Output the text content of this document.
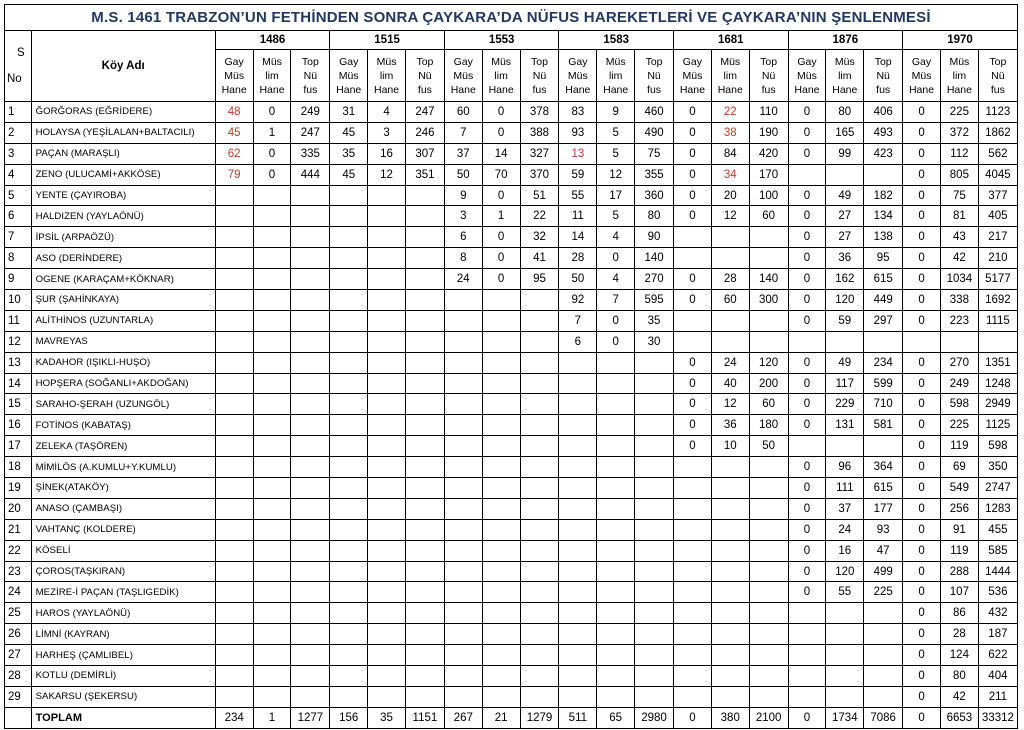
M.S. 1461 TRABZON’UN FETHİNDEN SONRA ÇAYKARA’DA NÜFUS HAREKETLERİ VE ÇAYKARA’NIN ŞENLENMESİ																						

S
No	Köy Adı	1486			1515			1553			1583			1681			1876			1970		

		Gay
Müs
Hane	Müs
lim
Hane	Top
Nü
fus	Gay
Müs
Hane	Müs
lim
Hane	Top
Nü
fus	Gay
Müs
Hane	Müs
lim
Hane	Top
Nü
fus	Gay
Müs
Hane	Müs
lim
Hane	Top
Nü
fus	Gay
Müs
Hane	Müs
lim
Hane	Top
Nü
fus	Gay
Müs
Hane	Müs
lim
Hane	Top
Nü
fus	Gay
Müs
Hane	Müs
lim
Hane	Top
Nü
fus

1	ĞORĞORAS (EĞRİDERE)	48	0	249	31	4	247	60	0	378	83	9	460	0	22	110	0	80	406	0	225	1123
2	HOLAYSA (YEŞİLALAN+BALTACILI)	45	1	247	45	3	246	7	0	388	93	5	490	0	38	190	0	165	493	0	372	1862
3	PAÇAN (MARAŞLI)	62	0	335	35	16	307	37	14	327	13	5	75	0	84	420	0	99	423	0	112	562
4	ZENO (ULUCAMİ+AKKÖSE)	79	0	444	45	12	351	50	70	370	59	12	355	0	34	170				0	805	4045
5	YENTE (ÇAYIROBA)							9	0	51	55	17	360	0	20	100	0	49	182	0	75	377
6	HALDIZEN (YAYLAÖNÜ)							3	1	22	11	5	80	0	12	60	0	27	134	0	81	405
7	İPSİL (ARPAÖZÜ)							6	0	32	14	4	90				0	27	138	0	43	217
8	ASO (DERİNDERE)							8	0	41	28	0	140				0	36	95	0	42	210
9	OGENE (KARAÇAM+KÖKNAR)							24	0	95	50	4	270	0	28	140	0	162	615	0	1034	5177
10	ŞUR (ŞAHİNKAYA)										92	7	595	0	60	300	0	120	449	0	338	1692
11	ALİTHİNOS (UZUNTARLA)										7	0	35				0	59	297	0	223	1115
12	MAVREYAS										6	0	30									
13	KADAHOR (IŞIKLI-HUŞO)													0	24	120	0	49	234	0	270	1351
14	HOPŞERA (SOĞANLI+AKDOĞAN)													0	40	200	0	117	599	0	249	1248
15	SARAHO-ŞERAH (UZUNGÖL)													0	12	60	0	229	710	0	598	2949
16	FOTİNOS (KABATAŞ)													0	36	180	0	131	581	0	225	1125
17	ZELEKA (TAŞÖREN)													0	10	50				0	119	598
18	MİMİLÖS (A.KUMLU+Y.KUMLU)																0	96	364	0	69	350
19	ŞİNEK(ATAKÖY)																0	111	615	0	549	2747
20	ANASO (ÇAMBAŞI)																0	37	177	0	256	1283
21	VAHTANÇ (KOLDERE)																0	24	93	0	91	455
22	KÖSELİ																0	16	47	0	119	585
23	ÇOROS(TAŞKIRAN)																0	120	499	0	288	1444
24	MEZİRE-İ PAÇAN (TAŞLIGEDİK)																0	55	225	0	107	536
25	HAROS (YAYLAÖNÜ)																			0	86	432
26	LİMNİ (KAYRAN)																			0	28	187
27	HARHEŞ (ÇAMLIBEL)																			0	124	622
28	KOTLU (DEMİRLİ)																			0	80	404
29	SAKARSU (ŞEKERSU)																			0	42	211
	TOPLAM	234	1	1277	156	35	1151	267	21	1279	511	65	2980	0	380	2100	0	1734	7086	0	6653	33312
